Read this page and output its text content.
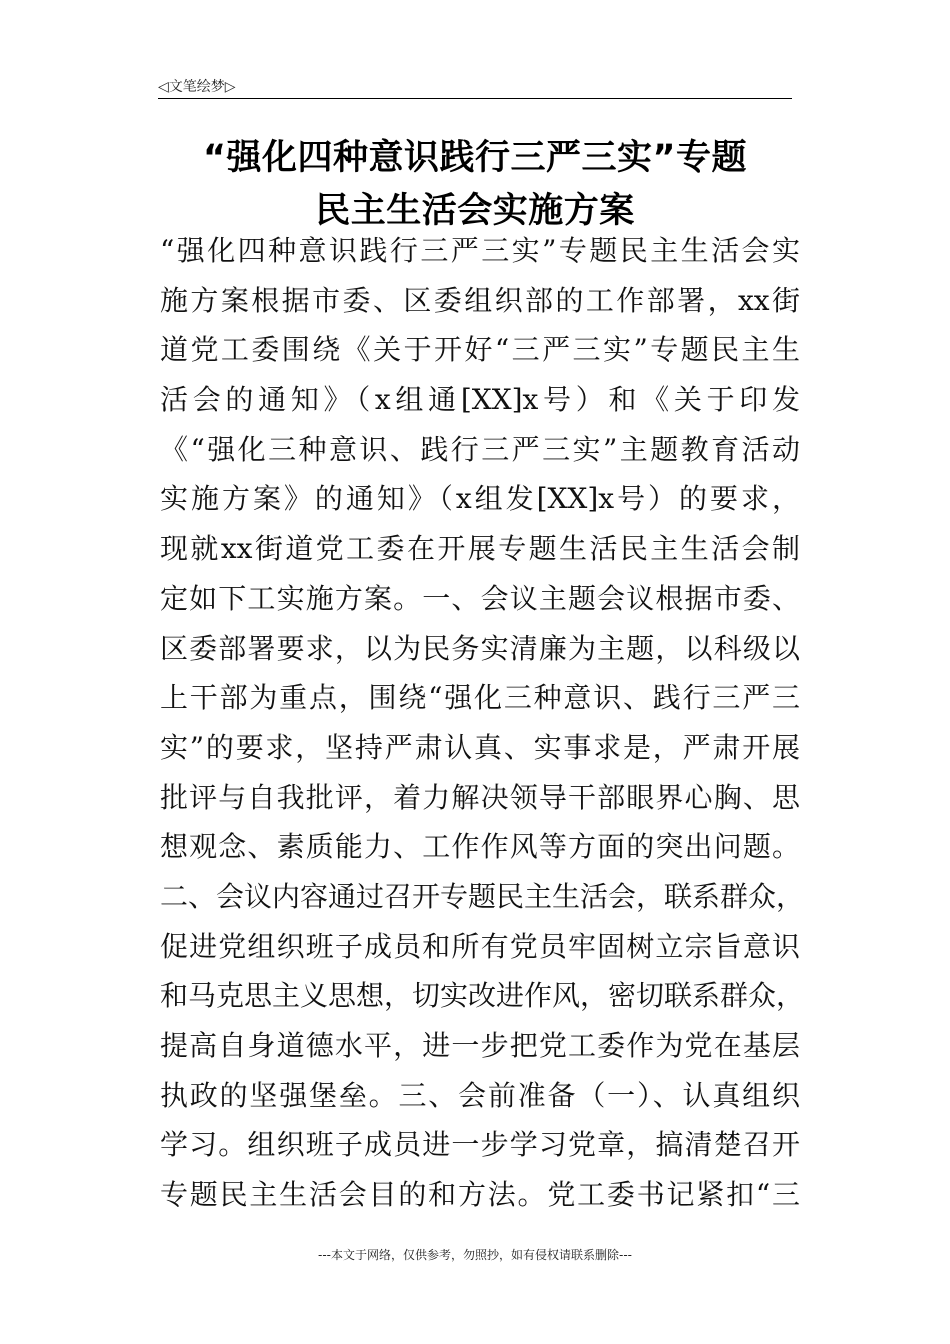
◁文笔绘梦▷
“强化四种意识践行三严三实”专题
民主生活会实施方案
“强化四种意识践行三严三实”专题民主生活会实
施方案根据市委、区委组织部的工作部署，xx街
道党工委围绕《关于开好“三严三实”专题民主生
活会的通知》（x组通[XX]x号）和《关于印发
《“强化三种意识、践行三严三实”主题教育活动
实施方案》的通知》（x组发[XX]x号）的要求，
现就xx街道党工委在开展专题生活民主生活会制
定如下工实施方案。一、会议主题会议根据市委、
区委部署要求，以为民务实清廉为主题，以科级以
上干部为重点，围绕“强化三种意识、践行三严三
实”的要求，坚持严肃认真、实事求是，严肃开展
批评与自我批评，着力解决领导干部眼界心胸、思
想观念、素质能力、工作作风等方面的突出问题。
二、会议内容通过召开专题民主生活会，联系群众，
促进党组织班子成员和所有党员牢固树立宗旨意识
和马克思主义思想，切实改进作风，密切联系群众，
提高自身道德水平，进一步把党工委作为党在基层
执政的坚强堡垒。三、会前准备（一）、认真组织
学习。组织班子成员进一步学习党章，搞清楚召开
专题民主生活会目的和方法。党工委书记紧扣“三
---本文于网络，仅供参考，勿照抄，如有侵权请联系删除---
